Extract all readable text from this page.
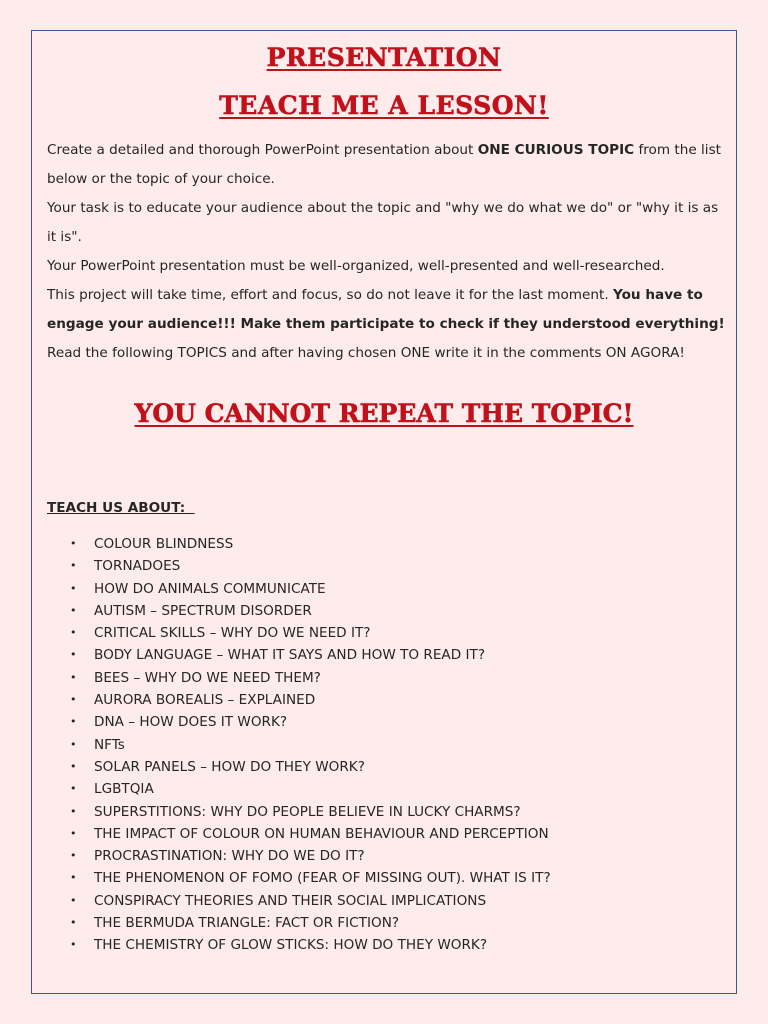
PRESENTATION
TEACH ME A LESSON!

Create a detailed and thorough PowerPoint presentation about ONE CURIOUS TOPIC from the list below or the topic of your choice.

Your task is to educate your audience about the topic and "why we do what we do" or "why it is as it is".

Your PowerPoint presentation must be well-organized, well-presented and well-researched.

This project will take time, effort and focus, so do not leave it for the last moment. You have to engage your audience!!! Make them participate to check if they understood everything!

Read the following TOPICS and after having chosen ONE write it in the comments ON AGORA!

YOU CANNOT REPEAT THE TOPIC!
TEACH US ABOUT:
• COLOUR BLINDNESS
• TORNADOES
• HOW DO ANIMALS COMMUNICATE
• AUTISM – SPECTRUM DISORDER
• CRITICAL SKILLS – WHY DO WE NEED IT?
• BODY LANGUAGE – WHAT IT SAYS AND HOW TO READ IT?
• BEES – WHY DO WE NEED THEM?
• AURORA BOREALIS – EXPLAINED
• DNA – HOW DOES IT WORK?
• NFTs
• SOLAR PANELS – HOW DO THEY WORK?
• LGBTQIA
• SUPERSTITIONS: WHY DO PEOPLE BELIEVE IN LUCKY CHARMS?
• THE IMPACT OF COLOUR ON HUMAN BEHAVIOUR AND PERCEPTION
• PROCRASTINATION: WHY DO WE DO IT?
• THE PHENOMENON OF FOMO (FEAR OF MISSING OUT). WHAT IS IT?
• CONSPIRACY THEORIES AND THEIR SOCIAL IMPLICATIONS
• THE BERMUDA TRIANGLE: FACT OR FICTION?
• THE CHEMISTRY OF GLOW STICKS: HOW DO THEY WORK?
